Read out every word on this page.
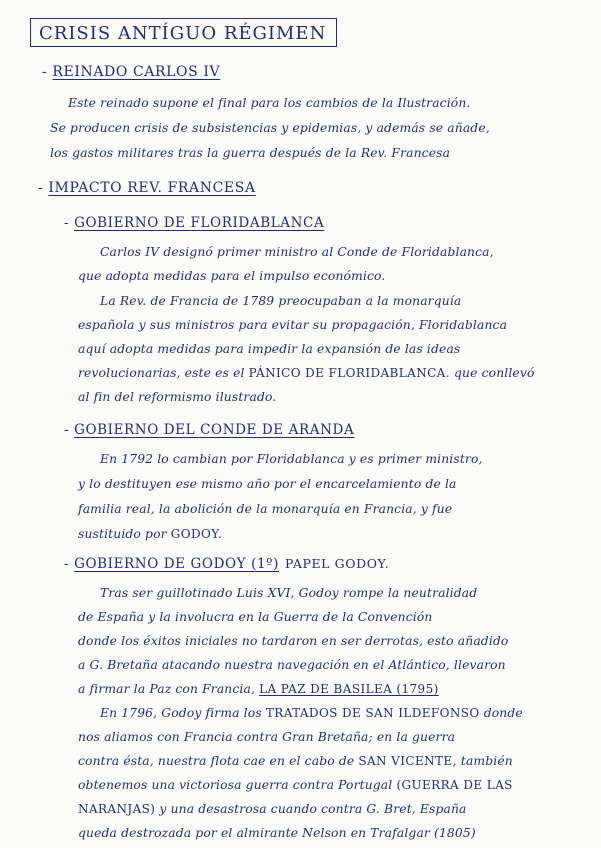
CRISIS ANTÍGUO RÉGIMEN
- REINADO CARLOS IV
Este reinado supone el final para los cambios de la Ilustración.
Se producen crisis de subsistencias y epidemias, y además se añade,
los gastos militares tras la guerra después de la Rev. Francesa
- IMPACTO REV. FRANCESA
- GOBIERNO DE FLORIDABLANCA
Carlos IV designó primer ministro al Conde de Floridablanca,
que adopta medidas para el impulso económico.
La Rev. de Francia de 1789 preocupaban a la monarquía
española y sus ministros para evitar su propagación, Floridablanca
aquí adopta medidas para impedir la expansión de las ideas
revolucionarias, este es el PÁNICO DE FLORIDABLANCA. que conllevó
al fin del reformismo ilustrado.
- GOBIERNO DEL CONDE DE ARANDA
En 1792 lo cambian por Floridablanca y es primer ministro,
y lo destituyen ese mismo año por el encarcelamiento de la
familia real, la abolición de la monarquía en Francia, y fue
sustituido por GODOY.
- GOBIERNO DE GODOY (1º) PAPEL GODOY.
Tras ser guillotinado Luis XVI, Godoy rompe la neutralidad
de España y la involucra en la Guerra de la Convención
donde los éxitos iniciales no tardaron en ser derrotas, esto añadido
a G. Bretaña atacando nuestra navegación en el Atlántico, llevaron
a firmar la Paz con Francia, LA PAZ DE BASILEA (1795)
En 1796, Godoy firma los TRATADOS DE SAN ILDEFONSO donde
nos aliamos con Francia contra Gran Bretaña; en la guerra
contra ésta, nuestra flota cae en el cabo de SAN VICENTE, también
obtenemos una victoriosa guerra contra Portugal (GUERRA DE LAS
NARANJAS) y una desastrosa cuando contra G. Bret, España
queda destrozada por el almirante Nelson en Trafalgar (1805)
